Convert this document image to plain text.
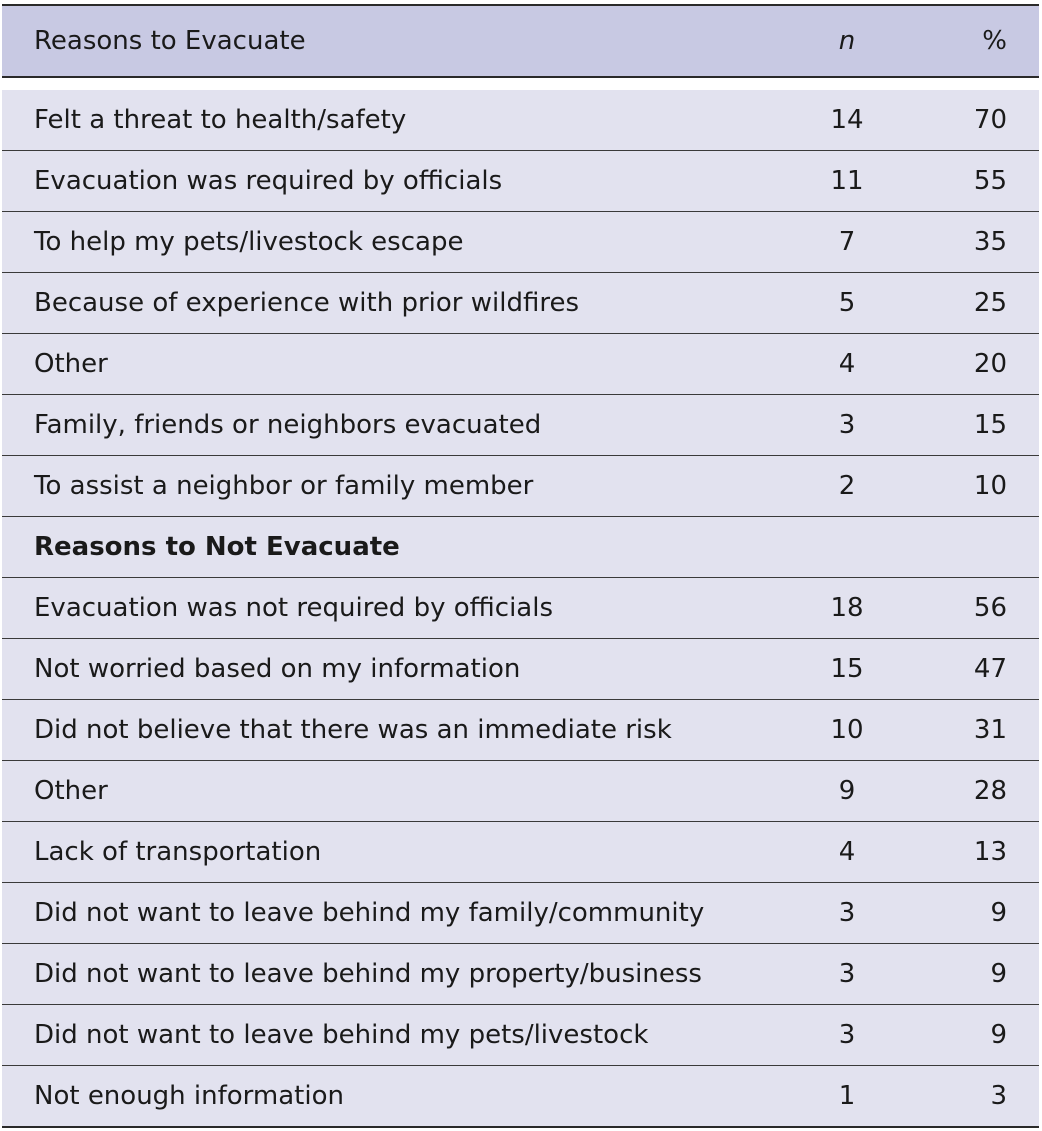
Reasons to Evacuate	n	%

Felt a threat to health/safety	14	70
Evacuation was required by officials	11	55
To help my pets/livestock escape	7	35
Because of experience with prior wildfires	5	25
Other	4	20
Family, friends or neighbors evacuated	3	15
To assist a neighbor or family member	2	10
Reasons to Not Evacuate		
Evacuation was not required by officials	18	56
Not worried based on my information	15	47
Did not believe that there was an immediate risk	10	31
Other	9	28
Lack of transportation	4	13
Did not want to leave behind my family/community	3	9
Did not want to leave behind my property/business	3	9
Did not want to leave behind my pets/livestock	3	9
Not enough information	1	3
